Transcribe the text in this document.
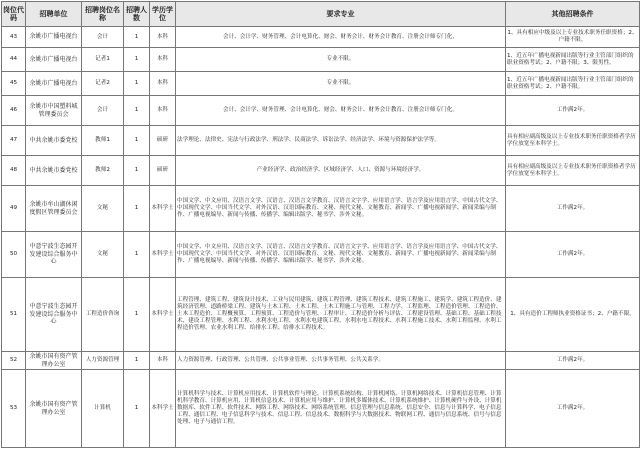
岗位代码	招聘单位	招聘岗位名称	招聘人数	学历学位	要求专业	其他招聘条件
43	余姚市广播电视台	会计	1	本科	会计、会计学、财务管理、会计电算化、财会、财务会计、财务会计教育、注册会计师专门化，	1、具有相应中级及以上专业技术职务任职资格；2、户籍不限。
44	余姚市广播电视台	记者1	1	本科	专业不限。	1、近五年广播电视新闻出版等行业主管部门组织的职业资格考试；2、户籍不限；3、限男性。
45	余姚市广播电视台	记者2	1	本科	专业不限。	1、近五年广播电视新闻出版等行业主管部门组织的职业资格考试；2、户籍不限。
46	余姚市中国塑料城管理委员会	会计	1	本科	会计、会计学、财务管理、会计电算化、财会、财务会计、财务会计教育、注册会计师专门化。	工作满2年。
47	中共余姚市委党校	教师1	1	硕研	法学理论、法律史、宪法与行政法学、刑法学、民商法学、诉讼法学、经济法学、环境与资源保护法学等。	具有相应副高级及以上专业技术职务任职资格者学历学位放宽至本科学士。
48	中共余姚市委党校	教师2	1	硕研	产业经济学、政治经济学、区域经济学、人口、资源与环境经济学。	具有相应副高级及以上专业技术职务任职资格者学历学位放宽至本科学士。
49	余姚市牟山湖休闲度假区管理委员会	文秘	1	本科学士	中国文学、中文应用、汉语言文学、汉语言、汉语言文学教育、汉语言文字学、应用语言学、语言学及应用语言学、中国古代文学、中国现代文学、中国当代文学、对外汉语、汉语国际教育、文秘、现代文秘、文秘教育、新闻学、广播电视新闻学、新闻采编与制作、广播电视编导、新闻与传播、传播学、编辑出版学、秘书学、涉外文秘。	工作满2年。
50	中意宁波生态园开发建设综合服务中心	文秘	1	本科学士	中国文学、中文应用、汉语言文学、汉语言、汉语言文学教育、汉语言文字学、应用语言学、语言学及应用语言学、中国古代文学、中国现代文学、中国当代文学、对外汉语、汉语国际教育、文秘、现代文秘、文秘教育、新闻学、广播电视新闻学、新闻采编与制作、广播电视编导、新闻与传播、传播学、编辑出版学、秘书学、涉外文秘。	工作满2年。
51	中意宁波生态园开发建设综合服务中心	工程造价咨询	1	本科学士	工程管理、建筑工程、建筑设计技术、工业与民用建筑、建筑工程管理、建筑工程技术、建筑工程施工、建筑学、建筑工程造价、建筑经济管理、道路桥梁工程、建筑与土木工程、土木工程、土木工程施工与管理、工程力学、工程监理、工程造价管理、工程造价、土木工程造价、工程概预算、工程预算、工程造价与管理、工程审计、工程造价分析与评估、工程建设管理、基础工程、基础工程技术、建设工程管理、水利工程、水利水电工程、水利水电建筑工程、水利水电工程技术、水利工程施工技术、水利工程监理、水利工程造价管理、农业水利工程、给排水工程、给排水工程技术。	1、具有造价工程师执业资格证书；2、户籍不限。
52	余姚市国有资产管理办公室	人力资源管理	1	本科	人力资源管理、行政管理、公共管理、公共事业管理、公共事务管理、公共关系学。	工作满2年。
53	余姚市国有资产管理办公室	计算机	1	本科学士	计算机科学与技术、计算机应用技术、计算机软件与理论、计算机系统结构、计算机网络、计算机网络技术、计算机信息管理、计算机科学教育、计算机应用、计算机信息技术、计算机应用与维护、计算机多媒体技术、计算机系统维护、计算机硬件与外设、计算机数据库、软件工程、软件技术、网络工程、网络技术、网络系统管理、信息管理与信息系统、信息安全、信息与计算科学、电子信息工程、通信工程、电子信息科学与技术、信息工程、信息技术、数据科学与大数据技术、物联网工程、通信与信息系统、信号与信息处理、电子与通信工程。	工作满2年。
